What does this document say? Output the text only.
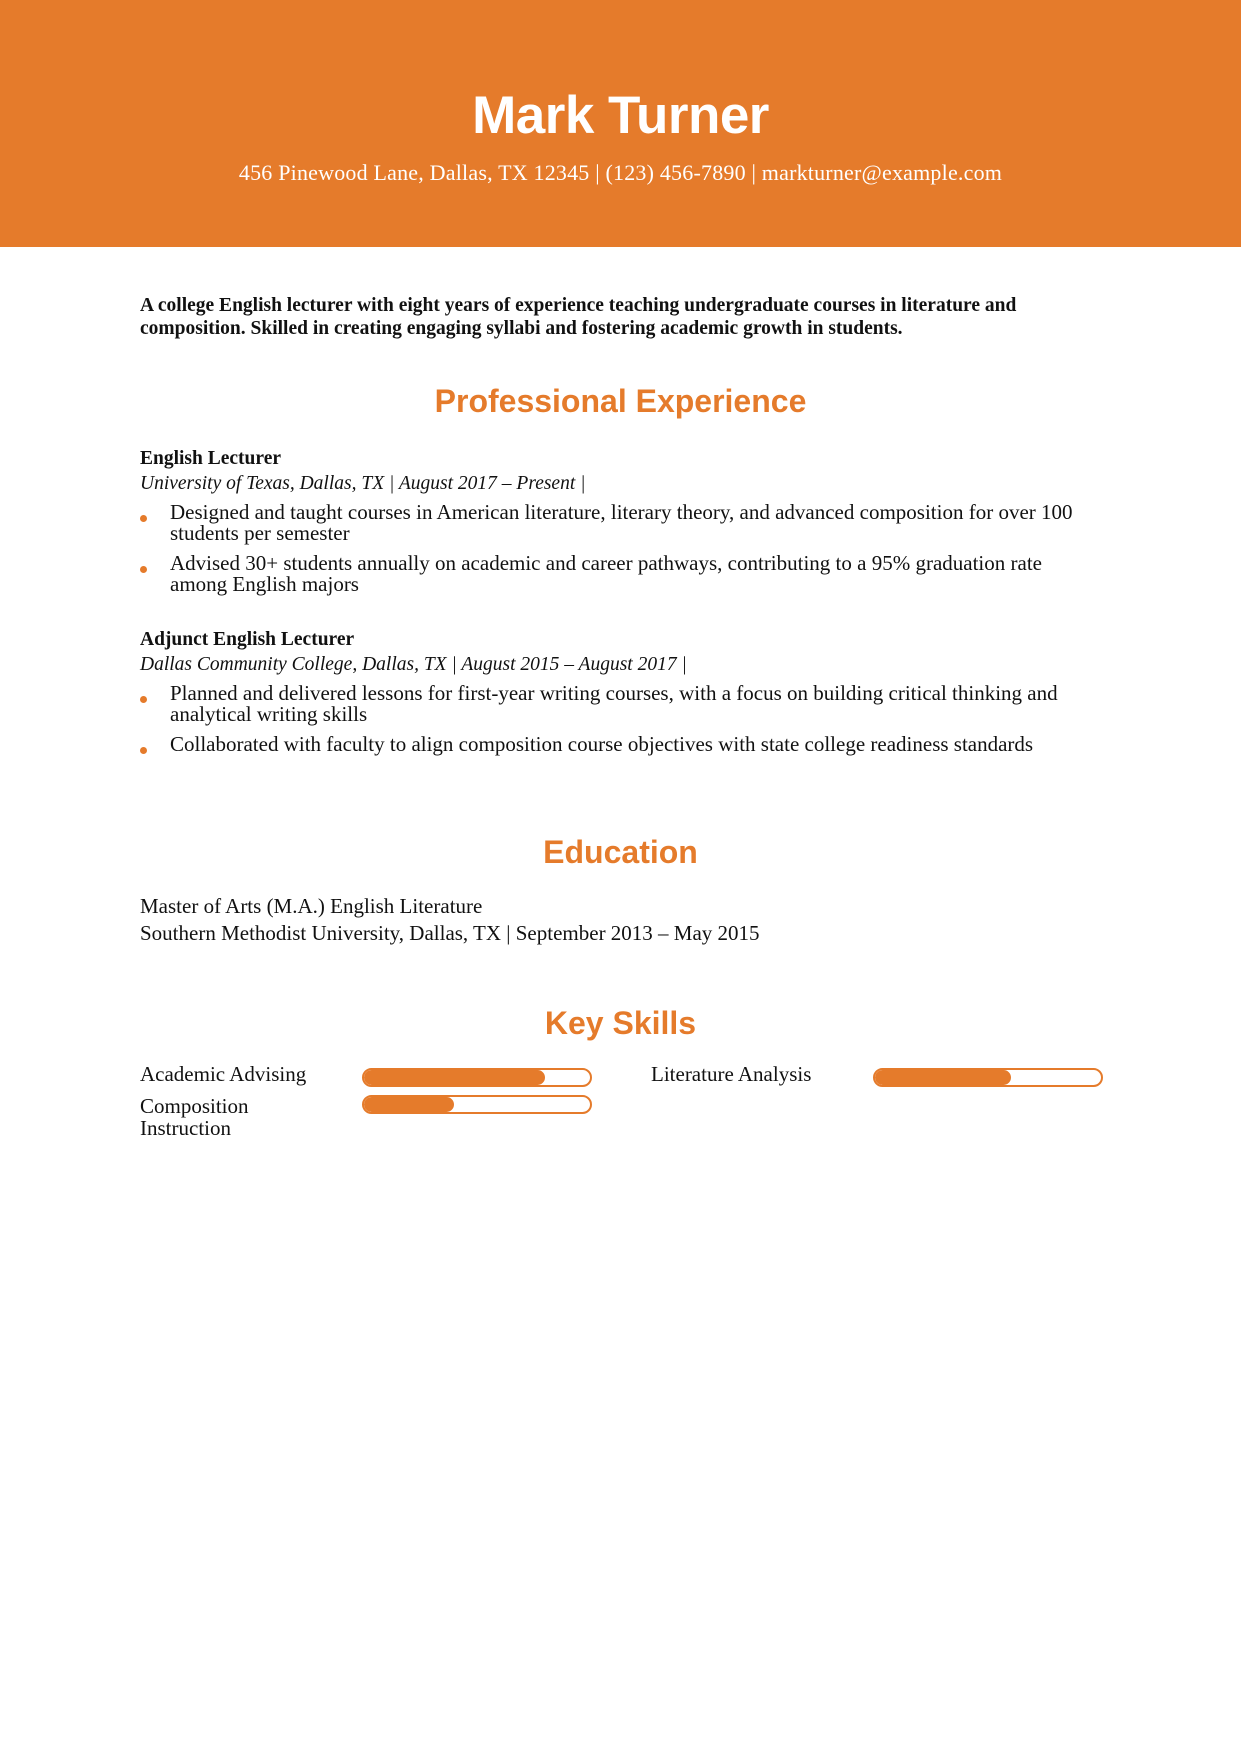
Mark Turner
456 Pinewood Lane, Dallas, TX 12345 | (123) 456-7890 | markturner@example.com
A college English lecturer with eight years of experience teaching undergraduate courses in literature and composition. Skilled in creating engaging syllabi and fostering academic growth in students.
Professional Experience
English Lecturer
University of Texas, Dallas, TX | August 2017 – Present |
Designed and taught courses in American literature, literary theory, and advanced composition for over 100 students per semester
Advised 30+ students annually on academic and career pathways, contributing to a 95% graduation rate among English majors
Adjunct English Lecturer
Dallas Community College, Dallas, TX | August 2015 – August 2017 |
Planned and delivered lessons for first-year writing courses, with a focus on building critical thinking and analytical writing skills
Collaborated with faculty to align composition course objectives with state college readiness standards
Education
Master of Arts (M.A.) English Literature
Southern Methodist University, Dallas, TX | September 2013 – May 2015
Key Skills
Academic Advising	Literature Analysis
Composition Instruction
